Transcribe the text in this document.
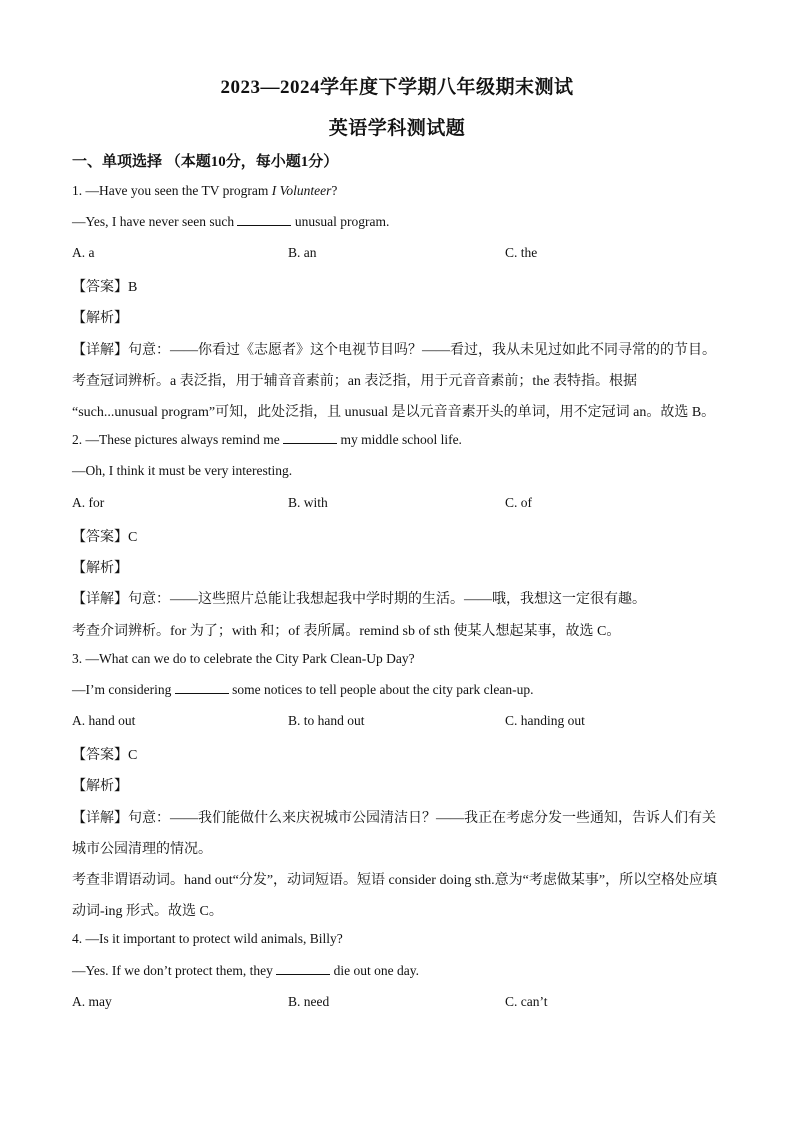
2023—2024学年度下学期八年级期末测试
英语学科测试题
一、单项选择 （本题10分，每小题1分）
1. —Have you seen the TV program I Volunteer?
—Yes, I have never seen such	unusual program.
A. a	B. an	C. the
【答案】B
【解析】
【详解】句意：——你看过《志愿者》这个电视节目吗？——看过，我从未见过如此不同寻常的的节目。
考查冠词辨析。a 表泛指，用于辅音音素前；an 表泛指，用于元音音素前；the 表特指。根据
“such...unusual program”可知，此处泛指，且 unusual 是以元音音素开头的单词，用不定冠词 an。故选 B。
2. —These pictures always remind me	my middle school life.
—Oh, I think it must be very interesting.
A. for	B. with	C. of
【答案】C
【解析】
【详解】句意：——这些照片总能让我想起我中学时期的生活。——哦，我想这一定很有趣。
考查介词辨析。for 为了；with 和；of 表所属。remind sb of sth 使某人想起某事，故选 C。
3. —What can we do to celebrate the City Park Clean-Up Day?
—I’m considering	some notices to tell people about the city park clean-up.
A. hand out	B. to hand out	C. handing out
【答案】C
【解析】
【详解】句意：——我们能做什么来庆祝城市公园清洁日？——我正在考虑分发一些通知，告诉人们有关
城市公园清理的情况。
考查非谓语动词。hand out“分发”，动词短语。短语 consider doing sth.意为“考虑做某事”，所以空格处应填
动词-ing 形式。故选 C。
4. —Is it important to protect wild animals, Billy?
—Yes. If we don’t protect them, they	die out one day.
A. may	B. need	C. can’t
